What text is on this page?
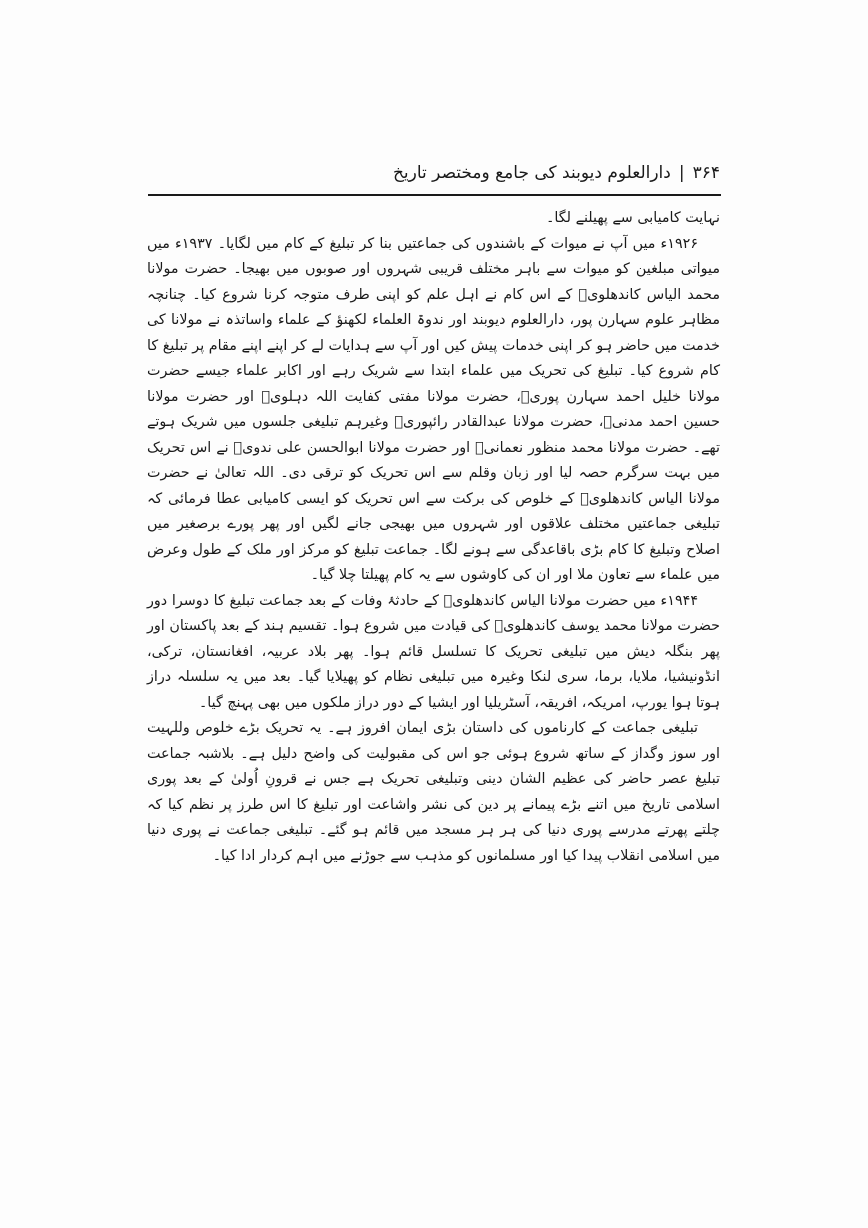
۳۶۴
|
دارالعلوم دیوبند کی جامع ومختصر تاریخ

نہایت کامیابی سے پھیلنے لگا۔

۱۹۲۶ء میں آپ نے میوات کے باشندوں کی جماعتیں بنا کر تبلیغ کے کام میں لگایا۔ ۱۹۳۷ء میں میواتی مبلغین کو میوات سے باہر مختلف قریبی شہروں اور صوبوں میں بھیجا۔ حضرت مولانا محمد الیاس کاندھلویؒ کے اس کام نے اہل علم کو اپنی طرف متوجہ کرنا شروع کیا۔ چنانچہ مظاہر علوم سہارن پور، دارالعلوم دیوبند اور ندوۃ العلماء لکھنؤ کے علماء واساتذہ نے مولانا کی خدمت میں حاضر ہو کر اپنی خدمات پیش کیں اور آپ سے ہدایات لے کر اپنے اپنے مقام پر تبلیغ کا کام شروع کیا۔ تبلیغ کی تحریک میں علماء ابتدا سے شریک رہے اور اکابر علماء جیسے حضرت مولانا خلیل احمد سہارن پوریؒ، حضرت مولانا مفتی کفایت اللہ دہلویؒ اور حضرت مولانا حسین احمد مدنیؒ، حضرت مولانا عبدالقادر رائپوریؒ وغیرہم تبلیغی جلسوں میں شریک ہوتے تھے۔ حضرت مولانا محمد منظور نعمانیؒ اور حضرت مولانا ابوالحسن علی ندویؒ نے اس تحریک میں بہت سرگرم حصہ لیا اور زبان وقلم سے اس تحریک کو ترقی دی۔ اللہ تعالیٰ نے حضرت مولانا الیاس کاندھلویؒ کے خلوص کی برکت سے اس تحریک کو ایسی کامیابی عطا فرمائی کہ تبلیغی جماعتیں مختلف علاقوں اور شہروں میں بھیجی جانے لگیں اور پھر پورے برصغیر میں اصلاح وتبلیغ کا کام بڑی باقاعدگی سے ہونے لگا۔ جماعت تبلیغ کو مرکز اور ملک کے طول وعرض میں علماء سے تعاون ملا اور ان کی کاوشوں سے یہ کام پھیلتا چلا گیا۔

۱۹۴۴ء میں حضرت مولانا الیاس کاندھلویؒ کے حادثۂ وفات کے بعد جماعت تبلیغ کا دوسرا دور حضرت مولانا محمد یوسف کاندھلویؒ کی قیادت میں شروع ہوا۔ تقسیم ہند کے بعد پاکستان اور پھر بنگلہ دیش میں تبلیغی تحریک کا تسلسل قائم ہوا۔ پھر بلاد عربیہ، افغانستان، ترکی، انڈونیشیا، ملایا، برما، سری لنکا وغیرہ میں تبلیغی نظام کو پھیلایا گیا۔ بعد میں یہ سلسلہ دراز ہوتا ہوا یورپ، امریکہ، افریقہ، آسٹریلیا اور ایشیا کے دور دراز ملکوں میں بھی پہنچ گیا۔

تبلیغی جماعت کے کارناموں کی داستان بڑی ایمان افروز ہے۔ یہ تحریک بڑے خلوص وللہیت اور سوز وگداز کے ساتھ شروع ہوئی جو اس کی مقبولیت کی واضح دلیل ہے۔ بلاشبہ جماعت تبلیغ عصر حاضر کی عظیم الشان دینی وتبلیغی تحریک ہے جس نے قرونِ اُولیٰ کے بعد پوری اسلامی تاریخ میں اتنے بڑے پیمانے پر دین کی نشر واشاعت اور تبلیغ کا اس طرز پر نظم کیا کہ چلتے پھرتے مدرسے پوری دنیا کی ہر ہر مسجد میں قائم ہو گئے۔ تبلیغی جماعت نے پوری دنیا میں اسلامی انقلاب پیدا کیا اور مسلمانوں کو مذہب سے جوڑنے میں اہم کردار ادا کیا۔
